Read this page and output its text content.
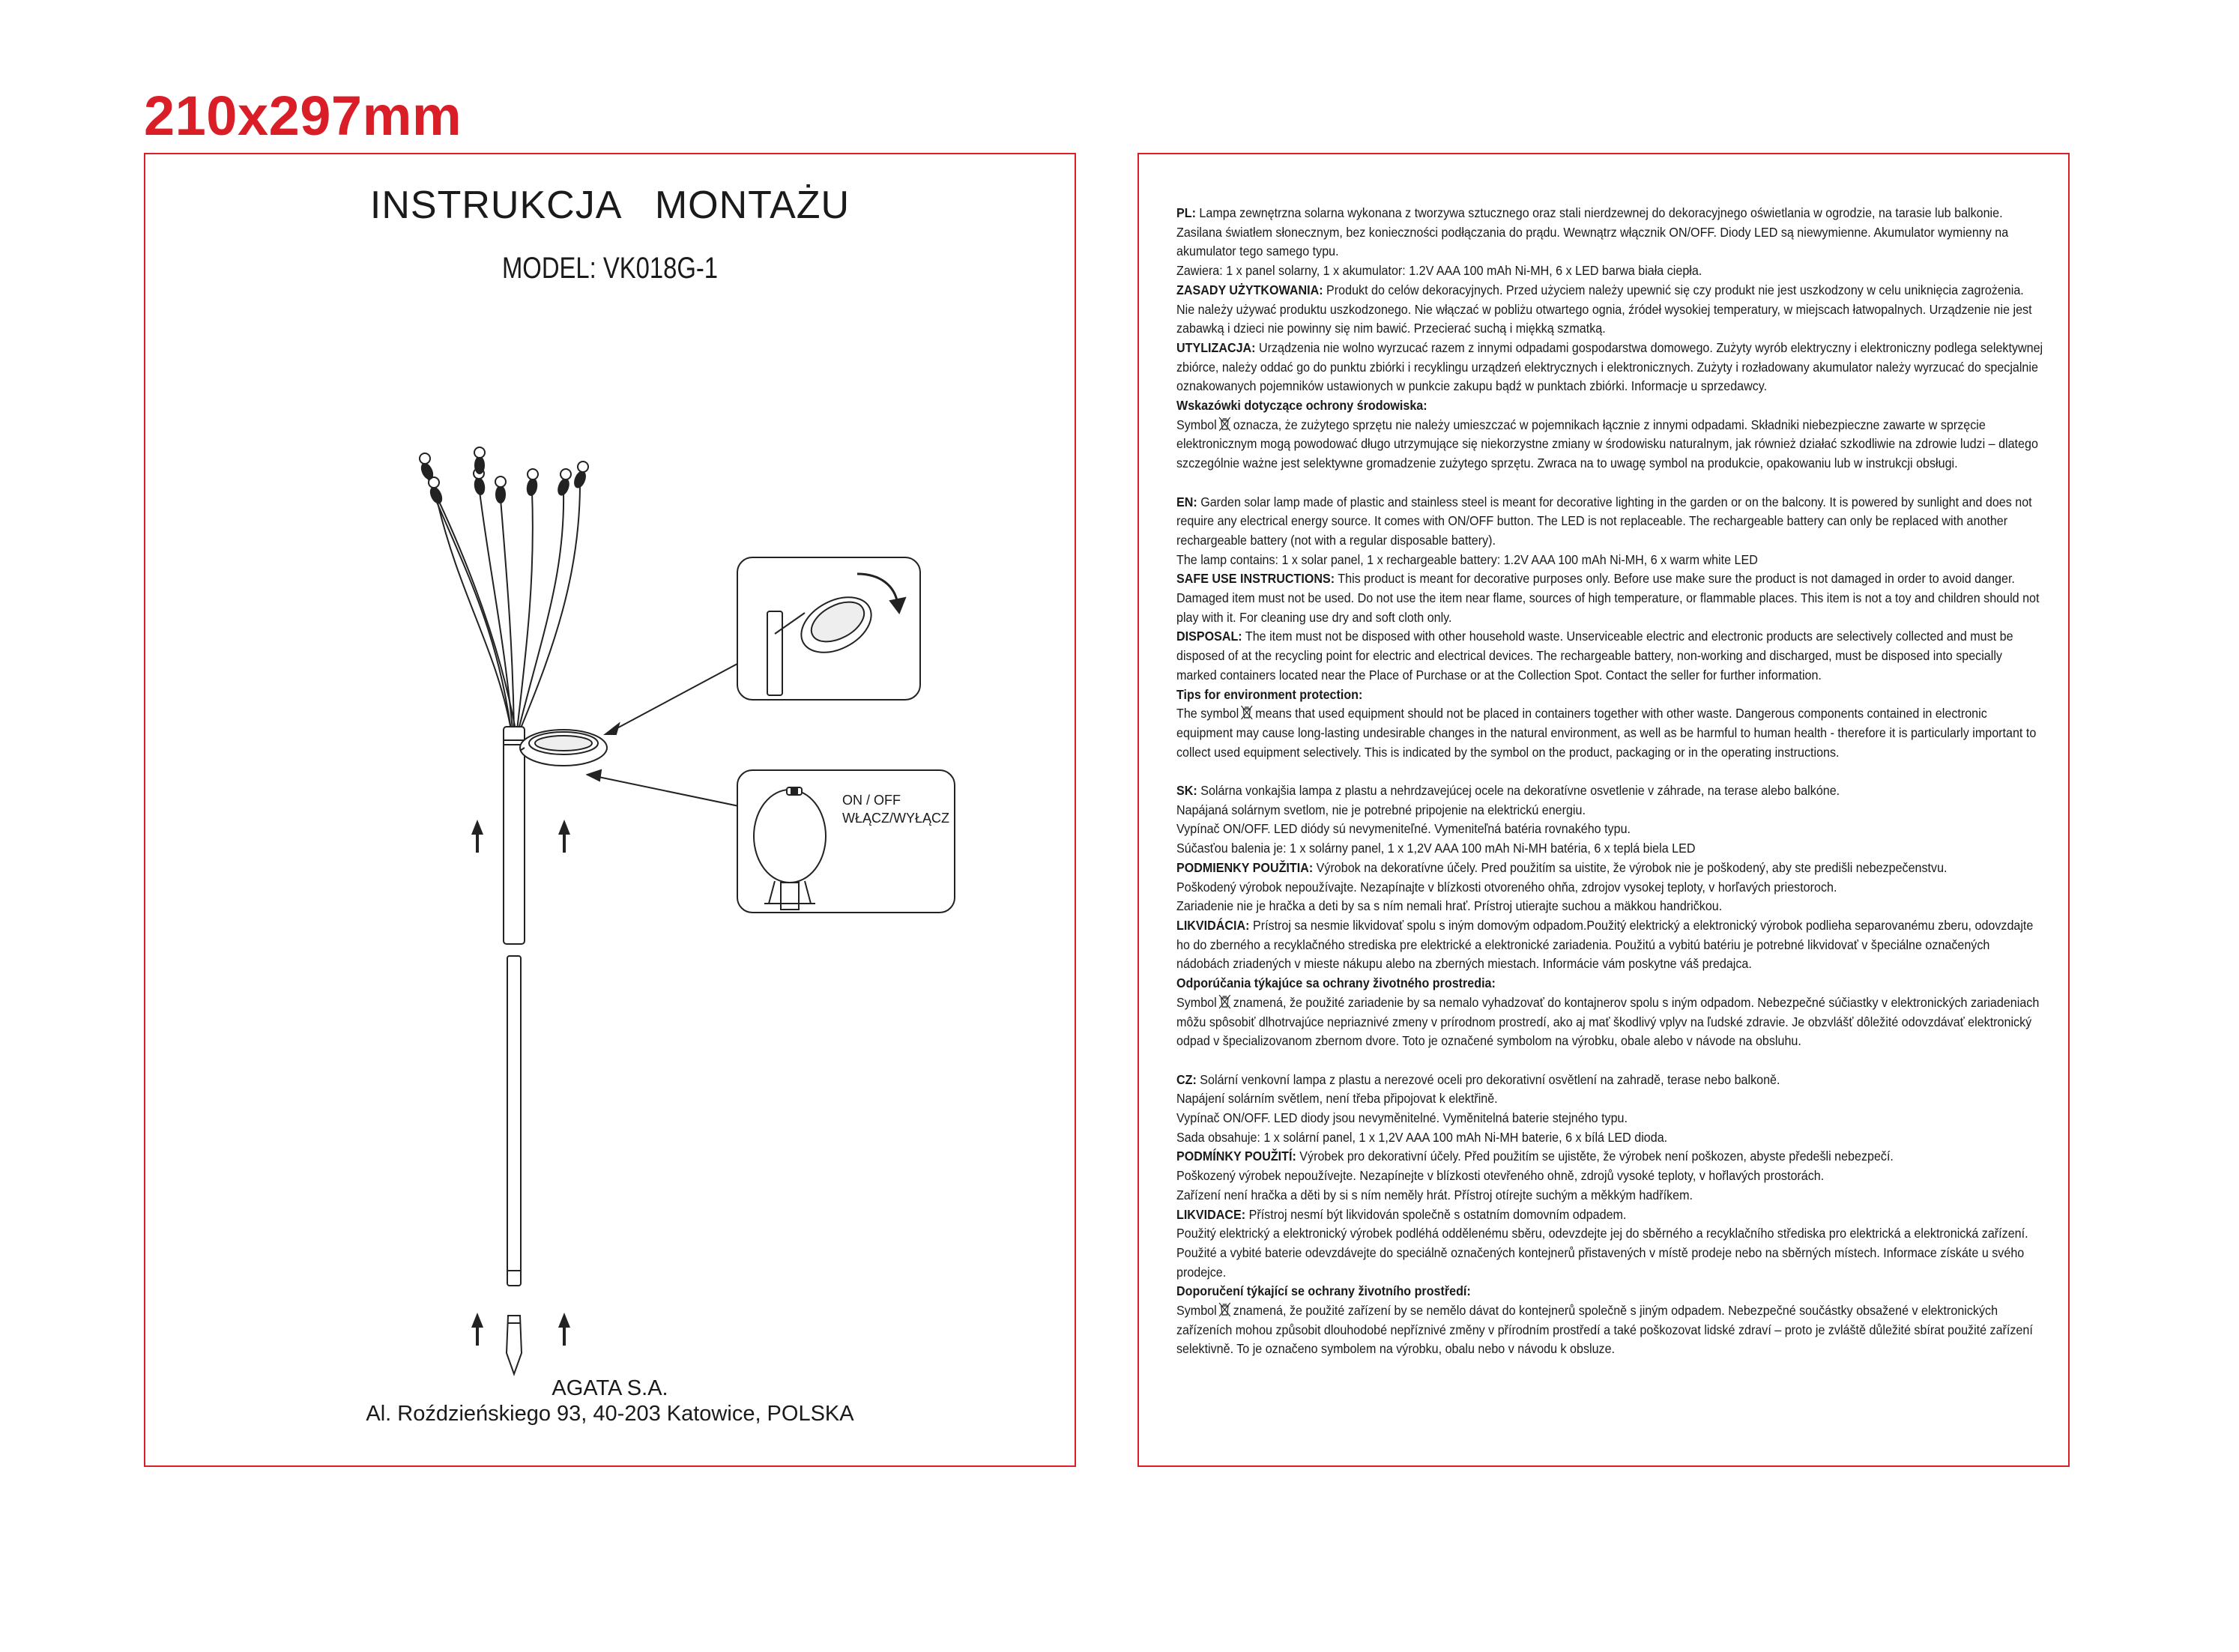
210x297mm
INSTRUKCJA   MONTAŻU
MODEL: VK018G-1
ON / OFF
WŁĄCZ/WYŁĄCZ
AGATA S.A.
Al. Roździeńskiego 93, 40-203 Katowice, POLSKA

PL: Lampa zewnętrzna solarna wykonana z tworzywa sztucznego oraz stali nierdzewnej do dekoracyjnego oświetlania w ogrodzie, na tarasie lub balkonie. Zasilana światłem słonecznym, bez konieczności podłączania do prądu. Wewnątrz włącznik ON/OFF. Diody LED są niewymienne. Akumulator wymienny na akumulator tego samego typu.

Zawiera: 1 x panel solarny, 1 x akumulator: 1.2V AAA 100 mAh Ni-MH, 6 x LED barwa biała ciepła.

ZASADY UŻYTKOWANIA: Produkt do celów dekoracyjnych. Przed użyciem należy upewnić się czy produkt nie jest uszkodzony w celu uniknięcia zagrożenia. Nie należy używać produktu uszkodzonego. Nie włączać w pobliżu otwartego ognia, źródeł wysokiej temperatury, w miejscach łatwopalnych. Urządzenie nie jest zabawką i dzieci nie powinny się nim bawić. Przecierać suchą i miękką szmatką.

UTYLIZACJA: Urządzenia nie wolno wyrzucać razem z innymi odpadami gospodarstwa domowego. Zużyty wyrób elektryczny i elektroniczny podlega selektywnej zbiórce, należy oddać go do punktu zbiórki i recyklingu urządzeń elektrycznych i elektronicznych. Zużyty i rozładowany akumulator należy wyrzucać do specjalnie oznakowanych pojemników ustawionych w punkcie zakupu bądź w punktach zbiórki. Informacje u sprzedawcy.

Wskazówki dotyczące ochrony środowiska:

Symbol oznacza, że zużytego sprzętu nie należy umieszczać w pojemnikach łącznie z innymi odpadami. Składniki niebezpieczne zawarte w sprzęcie elektronicznym mogą powodować długo utrzymujące się niekorzystne zmiany w środowisku naturalnym, jak również działać szkodliwie na zdrowie ludzi – dlatego szczególnie ważne jest selektywne gromadzenie zużytego sprzętu. Zwraca na to uwagę symbol na produkcie, opakowaniu lub w instrukcji obsługi.

EN: Garden solar lamp made of plastic and stainless steel is meant for decorative lighting in the garden or on the balcony. It is powered by sunlight and does not require any electrical energy source. It comes with ON/OFF button. The LED is not replaceable. The rechargeable battery can only be replaced with another rechargeable battery (not with a regular disposable battery).

The lamp contains: 1 x solar panel, 1 x rechargeable battery: 1.2V AAA 100 mAh Ni-MH, 6 x warm white LED

SAFE USE INSTRUCTIONS: This product is meant for decorative purposes only. Before use make sure the product is not damaged in order to avoid danger. Damaged item must not be used. Do not use the item near flame, sources of high temperature, or flammable places. This item is not a toy and children should not play with it. For cleaning use dry and soft cloth only.

DISPOSAL: The item must not be disposed with other household waste. Unserviceable electric and electronic products are selectively collected and must be disposed of at the recycling point for electric and electrical devices. The rechargeable battery, non-working and discharged, must be disposed into specially marked containers located near the Place of Purchase or at the Collection Spot. Contact the seller for further information.

Tips for environment protection:

The symbol means that used equipment should not be placed in containers together with other waste. Dangerous components contained in electronic equipment may cause long-lasting undesirable changes in the natural environment, as well as be harmful to human health - therefore it is particularly important to collect used equipment selectively. This is indicated by the symbol on the product, packaging or in the operating instructions.

SK: Solárna vonkajšia lampa z plastu a nehrdzavejúcej ocele na dekoratívne osvetlenie v záhrade, na terase alebo balkóne.

Napájaná solárnym svetlom, nie je potrebné pripojenie na elektrickú energiu.

Vypínač ON/OFF. LED diódy sú nevymeniteľné. Vymeniteľná batéria rovnakého typu.

Súčasťou balenia je: 1 x solárny panel, 1 x 1,2V AAA 100 mAh Ni-MH batéria, 6 x teplá biela LED

PODMIENKY POUŽITIA: Výrobok na dekoratívne účely. Pred použitím sa uistite, že výrobok nie je poškodený, aby ste predišli nebezpečenstvu.

Poškodený výrobok nepoužívajte. Nezapínajte v blízkosti otvoreného ohňa, zdrojov vysokej teploty, v horľavých priestoroch.

Zariadenie nie je hračka a deti by sa s ním nemali hrať. Prístroj utierajte suchou a mäkkou handričkou.

LIKVIDÁCIA: Prístroj sa nesmie likvidovať spolu s iným domovým odpadom.Použitý elektrický a elektronický výrobok podlieha separovanému zberu, odovzdajte ho do zberného a recyklačného strediska pre elektrické a elektronické zariadenia. Použitú a vybitú batériu je potrebné likvidovať v špeciálne označených nádobách zriadených v mieste nákupu alebo na zberných miestach. Informácie vám poskytne váš predajca.

Odporúčania týkajúce sa ochrany životného prostredia:

Symbol znamená, že použité zariadenie by sa nemalo vyhadzovať do kontajnerov spolu s iným odpadom. Nebezpečné súčiastky v elektronických zariadeniach môžu spôsobiť dlhotrvajúce nepriaznivé zmeny v prírodnom prostredí, ako aj mať škodlivý vplyv na ľudské zdravie. Je obzvlášť dôležité odovzdávať elektronický odpad v špecializovanom zbernom dvore. Toto je označené symbolom na výrobku, obale alebo v návode na obsluhu.

CZ: Solární venkovní lampa z plastu a nerezové oceli pro dekorativní osvětlení na zahradě, terase nebo balkoně.

Napájení solárním světlem, není třeba připojovat k elektřině.

Vypínač ON/OFF. LED diody jsou nevyměnitelné. Vyměnitelná baterie stejného typu.

Sada obsahuje: 1 x solární panel, 1 x 1,2V AAA 100 mAh Ni-MH baterie, 6 x bílá LED dioda.

PODMÍNKY POUŽITÍ: Výrobek pro dekorativní účely. Před použitím se ujistěte, že výrobek není poškozen, abyste předešli nebezpečí.

Poškozený výrobek nepoužívejte. Nezapínejte v blízkosti otevřeného ohně, zdrojů vysoké teploty, v hořlavých prostorách.

Zařízení není hračka a děti by si s ním neměly hrát. Přístroj otírejte suchým a měkkým hadříkem.

LIKVIDACE: Přístroj nesmí být likvidován společně s ostatním domovním odpadem.

Použitý elektrický a elektronický výrobek podléhá oddělenému sběru, odevzdejte jej do sběrného a recyklačního střediska pro elektrická a elektronická zařízení. Použité a vybité baterie odevzdávejte do speciálně označených kontejnerů přistavených v místě prodeje nebo na sběrných místech. Informace získáte u svého prodejce.

Doporučení týkající se ochrany životního prostředí:

Symbol znamená, že použité zařízení by se nemělo dávat do kontejnerů společně s jiným odpadem. Nebezpečné součástky obsažené v elektronických zařízeních mohou způsobit dlouhodobé nepříznivé změny v přírodním prostředí a také poškozovat lidské zdraví – proto je zvláště důležité sbírat použité zařízení selektivně. To je označeno symbolem na výrobku, obalu nebo v návodu k obsluze.
